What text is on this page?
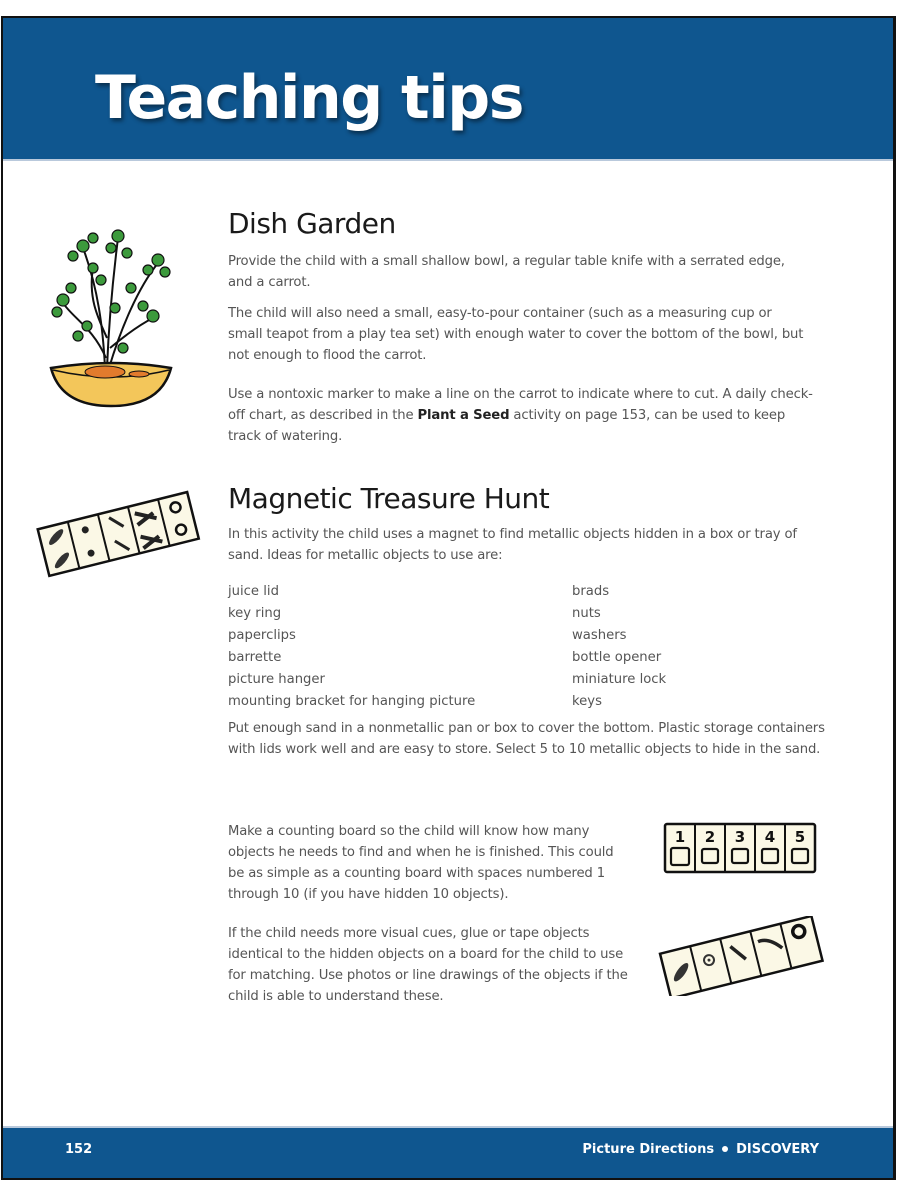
Teaching tips
Dish Garden

Provide the child with a small shallow bowl, a regular table knife with a serrated edge, and a carrot.

The child will also need a small, easy-to-pour container (such as a measuring cup or small teapot from a play tea set) with enough water to cover the bottom of the bowl, but not enough to flood the carrot.

Use a nontoxic marker to make a line on the carrot to indicate where to cut. A daily check-off chart, as described in the Plant a Seed activity on page 153, can be used to keep track of watering.

Magnetic Treasure Hunt

In this activity the child uses a magnet to find metallic objects hidden in a box or tray of sand. Ideas for metallic objects to use are:

juice lid	brads
key ring	nuts
paperclips	washers
barrette	bottle opener
picture hanger	miniature lock
mounting bracket for hanging picture	keys

Put enough sand in a nonmetallic pan or box to cover the bottom. Plastic storage containers with lids work well and are easy to store. Select 5 to 10 metallic objects to hide in the sand.

Make a counting board so the child will know how many objects he needs to find and when he is finished. This could be as simple as a counting board with spaces numbered 1 through 10 (if you have hidden 10 objects).

If the child needs more visual cues, glue or tape objects identical to the hidden objects on a board for the child to use for matching. Use photos or line drawings of the objects if the child is able to understand these.

1 2 3 4 5
152	Picture Directions DISCOVERY
